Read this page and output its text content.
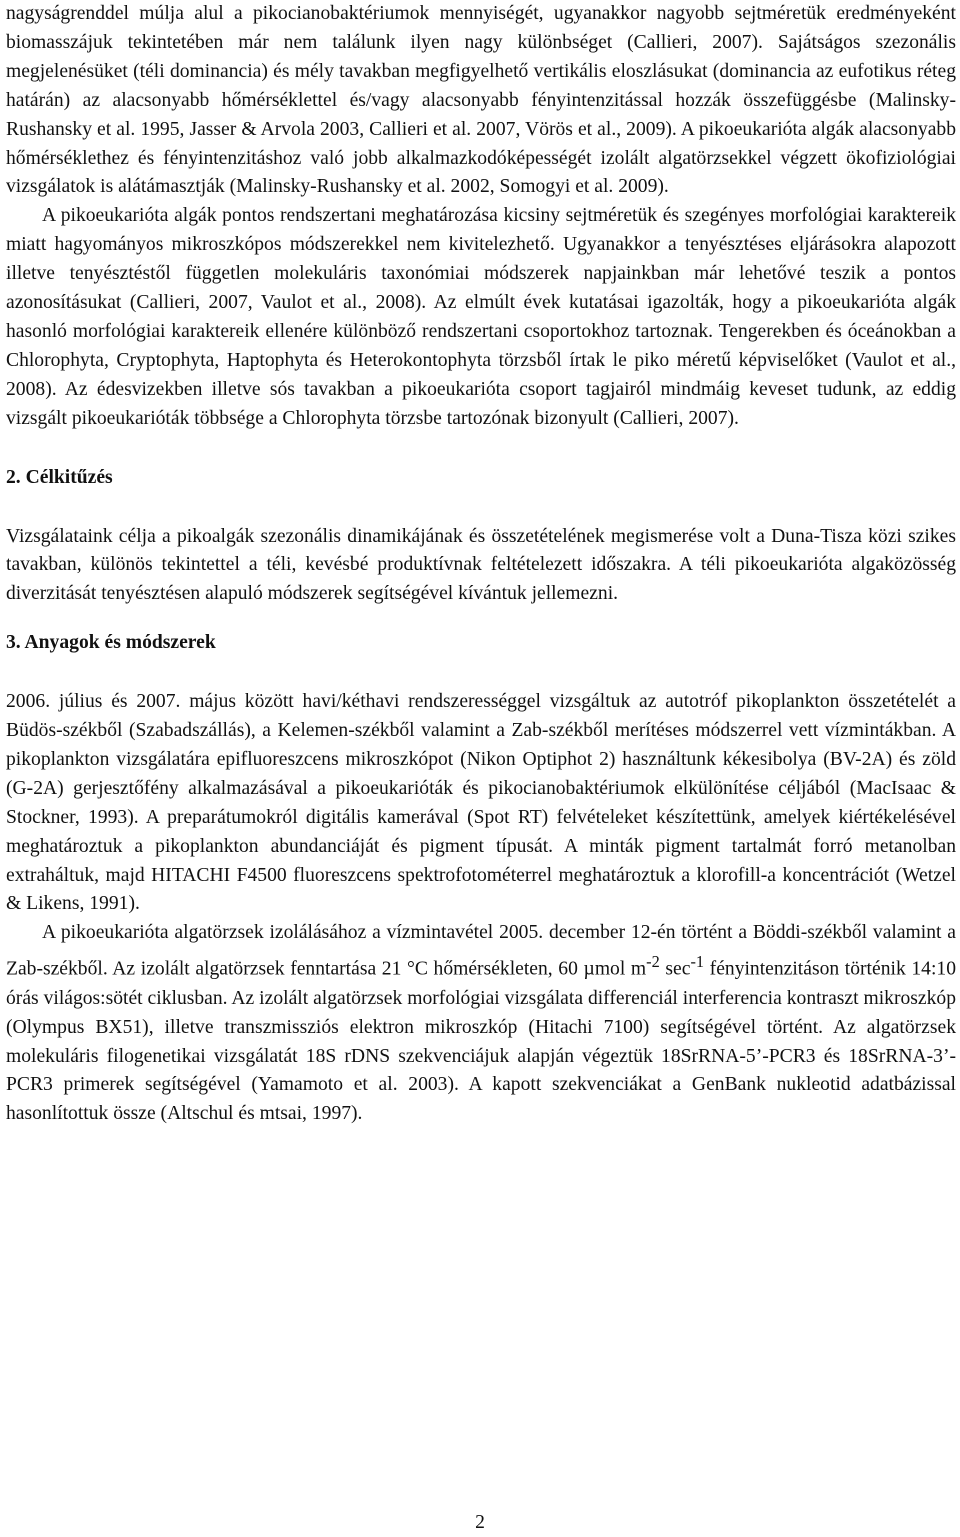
nagyságrenddel múlja alul a pikocianobaktériumok mennyiségét, ugyanakkor nagyobb sejtméretük eredményeként biomasszájuk tekintetében már nem találunk ilyen nagy különbséget (Callieri, 2007). Sajátságos szezonális megjelenésüket (téli dominancia) és mély tavakban megfigyelhető vertikális eloszlásukat (dominancia az eufotikus réteg határán) az alacsonyabb hőmérséklettel és/vagy alacsonyabb fényintenzitással hozzák összefüggésbe (Malinsky-Rushansky et al. 1995, Jasser & Arvola 2003, Callieri et al. 2007, Vörös et al., 2009). A pikoeukarióta algák alacsonyabb hőmérséklethez és fényintenzitáshoz való jobb alkalmazkodóképességét izolált algatörzsekkel végzett ökofiziológiai vizsgálatok is alátámasztják (Malinsky-Rushansky et al. 2002, Somogyi et al. 2009).

A pikoeukarióta algák pontos rendszertani meghatározása kicsiny sejtméretük és szegényes morfológiai karaktereik miatt hagyományos mikroszkópos módszerekkel nem kivitelezhető. Ugyanakkor a tenyésztéses eljárásokra alapozott illetve tenyésztéstől független molekuláris taxonómiai módszerek napjainkban már lehetővé teszik a pontos azonosításukat (Callieri, 2007, Vaulot et al., 2008). Az elmúlt évek kutatásai igazolták, hogy a pikoeukarióta algák hasonló morfológiai karaktereik ellenére különböző rendszertani csoportokhoz tartoznak. Tengerekben és óceánokban a Chlorophyta, Cryptophyta, Haptophyta és Heterokontophyta törzsből írtak le piko méretű képviselőket (Vaulot et al., 2008). Az édesvizekben illetve sós tavakban a pikoeukarióta csoport tagjairól mindmáig keveset tudunk, az eddig vizsgált pikoeukarióták többsége a Chlorophyta törzsbe tartozónak bizonyult (Callieri, 2007).

2. Célkitűzés

Vizsgálataink célja a pikoalgák szezonális dinamikájának és összetételének megismerése volt a Duna-Tisza közi szikes tavakban, különös tekintettel a téli, kevésbé produktívnak feltételezett időszakra. A téli pikoeukarióta algaközösség diverzitását tenyésztésen alapuló módszerek segítségével kívántuk jellemezni.

3. Anyagok és módszerek

2006. július és 2007. május között havi/kéthavi rendszerességgel vizsgáltuk az autotróf pikoplankton összetételét a Büdös-székből (Szabadszállás), a Kelemen-székből valamint a Zab-székből merítéses módszerrel vett vízmintákban. A pikoplankton vizsgálatára epifluoreszcens mikroszkópot (Nikon Optiphot 2) használtunk kékesibolya (BV-2A) és zöld (G-2A) gerjesztőfény alkalmazásával a pikoeukarióták és pikocianobaktériumok elkülönítése céljából (MacIsaac & Stockner, 1993). A preparátumokról digitális kamerával (Spot RT) felvételeket készítettünk, amelyek kiértékelésével meghatároztuk a pikoplankton abundanciáját és pigment típusát. A minták pigment tartalmát forró metanolban extraháltuk, majd HITACHI F4500 fluoreszcens spektrofotométerrel meghatároztuk a klorofill-a koncentrációt (Wetzel & Likens, 1991).

A pikoeukarióta algatörzsek izolálásához a vízmintavétel 2005. december 12-én történt a Böddi-székből valamint a Zab-székből. Az izolált algatörzsek fenntartása 21 °C hőmérsékleten, 60 µmol $m^{-2}$ $\sec^{-1}$ fényintenzitáson történik 14:10 órás világos:sötét ciklusban. Az izolált algatörzsek morfológiai vizsgálata differenciál interferencia kontraszt mikroszkóp (Olympus BX51), illetve transzmissziós elektron mikroszkóp (Hitachi 7100) segítségével történt. Az algatörzsek molekuláris filogenetikai vizsgálatát 18S rDNS szekvenciájuk alapján végeztük 18SrRNA-5’-PCR3 és 18SrRNA-3’-PCR3 primerek segítségével (Yamamoto et al. 2003). A kapott szekvenciákat a GenBank nukleotid adatbázissal hasonlítottuk össze (Altschul és mtsai, 1997).

2
